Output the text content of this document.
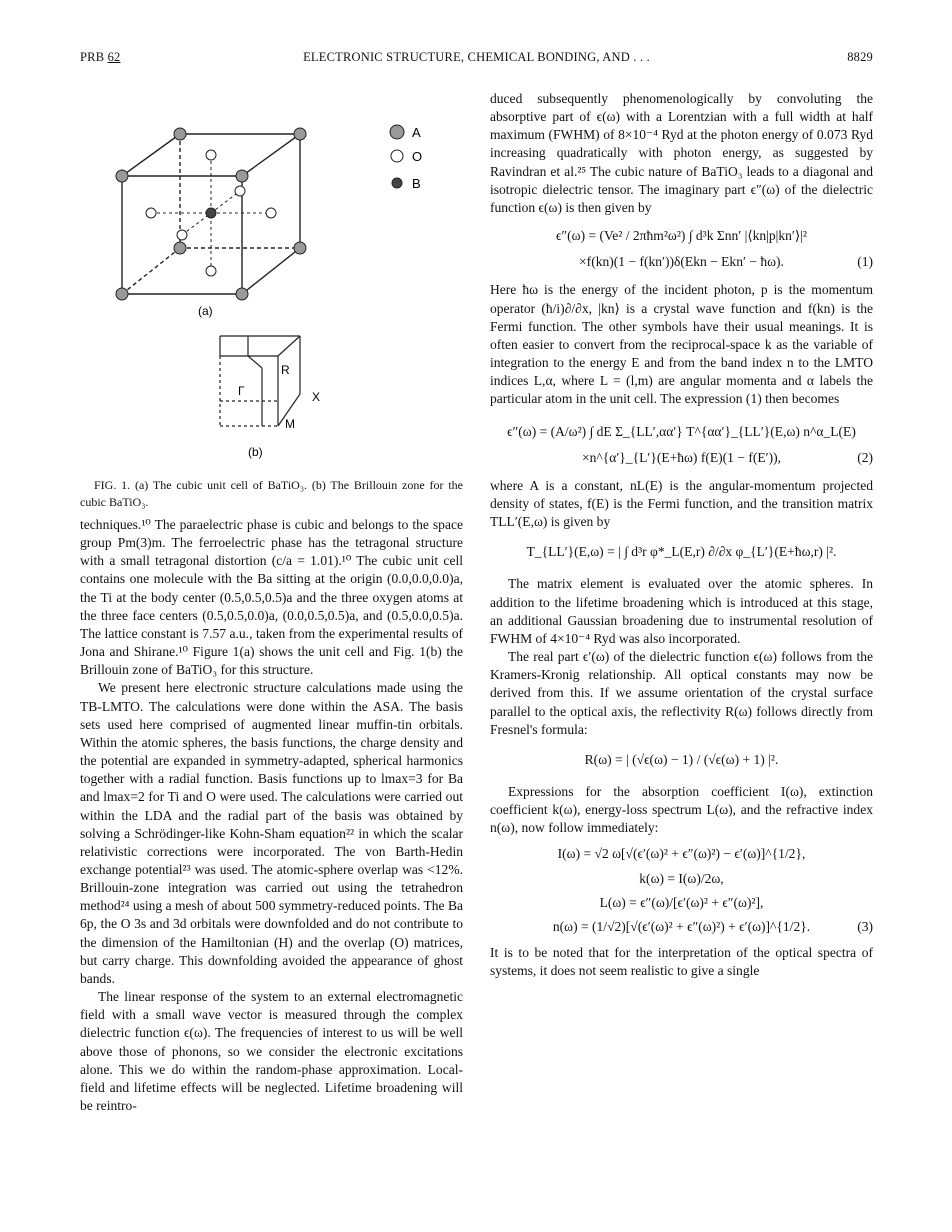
PRB 62	ELECTRONIC STRUCTURE, CHEMICAL BONDING, AND . . .	8829
A
O
B
(a)
Γ
R
X
M
(b)
FIG. 1. (a) The cubic unit cell of BaTiO₃. (b) The Brillouin zone for the cubic BaTiO₃.

techniques.¹⁰ The paraelectric phase is cubic and belongs to the space group Pm(3)m. The ferroelectric phase has the tetragonal structure with a small tetragonal distortion (c/a = 1.01).¹⁰ The cubic unit cell contains one molecule with the Ba sitting at the origin (0.0,0.0,0.0)a, the Ti at the body center (0.5,0.5,0.5)a and the three oxygen atoms at the three face centers (0.5,0.5,0.0)a, (0.0,0.5,0.5)a, and (0.5,0.0,0.5)a. The lattice constant is 7.57 a.u., taken from the experimental results of Jona and Shirane.¹⁰ Figure 1(a) shows the unit cell and Fig. 1(b) the Brillouin zone of BaTiO₃ for this structure.

We present here electronic structure calculations made using the TB-LMTO. The calculations were done within the ASA. The basis sets used here comprised of augmented linear muffin-tin orbitals. Within the atomic spheres, the basis functions, the charge density and the potential are expanded in symmetry-adapted, spherical harmonics together with a radial function. Basis functions up to lmax=3 for Ba and lmax=2 for Ti and O were used. The calculations were carried out within the LDA and the radial part of the basis was obtained by solving a Schrödinger-like Kohn-Sham equation²² in which the scalar relativistic corrections were incorporated. The von Barth-Hedin exchange potential²³ was used. The atomic-sphere overlap was <12%. Brillouin-zone integration was carried out using the tetrahedron method²⁴ using a mesh of about 500 symmetry-reduced points. The Ba 6p, the O 3s and 3d orbitals were downfolded and do not contribute to the dimension of the Hamiltonian (H) and the overlap (O) matrices, but carry charge. This downfolding avoided the appearance of ghost bands.

The linear response of the system to an external electromagnetic field with a small wave vector is measured through the complex dielectric function ϵ(ω). The frequencies of interest to us will be well above those of phonons, so we consider the electronic excitations alone. This we do within the random-phase approximation. Local-field and lifetime effects will be neglected. Lifetime broadening will be reintro-

duced subsequently phenomenologically by convoluting the absorptive part of ϵ(ω) with a Lorentzian with a full width at half maximum (FWHM) of 8×10⁻⁴ Ryd at the photon energy of 0.073 Ryd increasing quadratically with photon energy, as suggested by Ravindran et al.²⁵ The cubic nature of BaTiO₃ leads to a diagonal and isotropic dielectric tensor. The imaginary part ϵ″(ω) of the dielectric function ϵ(ω) is then given by

ϵ″(ω) = (Ve² / 2πħm²ω²) ∫ d³k Σnn′ |⟨kn|p|kn′⟩|²
×f(kn)(1 − f(kn′))δ(Ekn − Ekn′ − ħω).	(1)

Here ħω is the energy of the incident photon, p is the momentum operator (ħ/i)∂/∂x, |kn⟩ is a crystal wave function and f(kn) is the Fermi function. The other symbols have their usual meanings. It is often easier to convert from the reciprocal-space k as the variable of integration to the energy E and from the band index n to the LMTO indices L,α, where L = (l,m) are angular momenta and α labels the particular atom in the unit cell. The expression (1) then becomes

ϵ″(ω) = (A/ω²) ∫ dE Σ_{LL′,αα′} T^{αα′}_{LL′}(E,ω) n^α_L(E)
×n^{α′}_{L′}(E+ħω) f(E)(1 − f(E′)),	(2)

where A is a constant, nL(E) is the angular-momentum projected density of states, f(E) is the Fermi function, and the transition matrix TLL′(E,ω) is given by

T_{LL′}(E,ω) = | ∫ d³r φ*_L(E,r) ∂/∂x φ_{L′}(E+ħω,r) |².

The matrix element is evaluated over the atomic spheres. In addition to the lifetime broadening which is introduced at this stage, an additional Gaussian broadening due to instrumental resolution of FWHM of 4×10⁻⁴ Ryd was also incorporated.

The real part ϵ′(ω) of the dielectric function ϵ(ω) follows from the Kramers-Kronig relationship. All optical constants may now be derived from this. If we assume orientation of the crystal surface parallel to the optical axis, the reflectivity R(ω) follows directly from Fresnel's formula:

R(ω) = | (√ϵ(ω) − 1) / (√ϵ(ω) + 1) |².

Expressions for the absorption coefficient I(ω), extinction coefficient k(ω), energy-loss spectrum L(ω), and the refractive index n(ω), now follow immediately:

I(ω) = √2 ω[√(ϵ′(ω)² + ϵ″(ω)²) − ϵ′(ω)]^{1/2},
k(ω) = I(ω)/2ω,
L(ω) = ϵ″(ω)/[ϵ′(ω)² + ϵ″(ω)²],
n(ω) = (1/√2)[√(ϵ′(ω)² + ϵ″(ω)²) + ϵ′(ω)]^{1/2}.	(3)

It is to be noted that for the interpretation of the optical spectra of systems, it does not seem realistic to give a single
